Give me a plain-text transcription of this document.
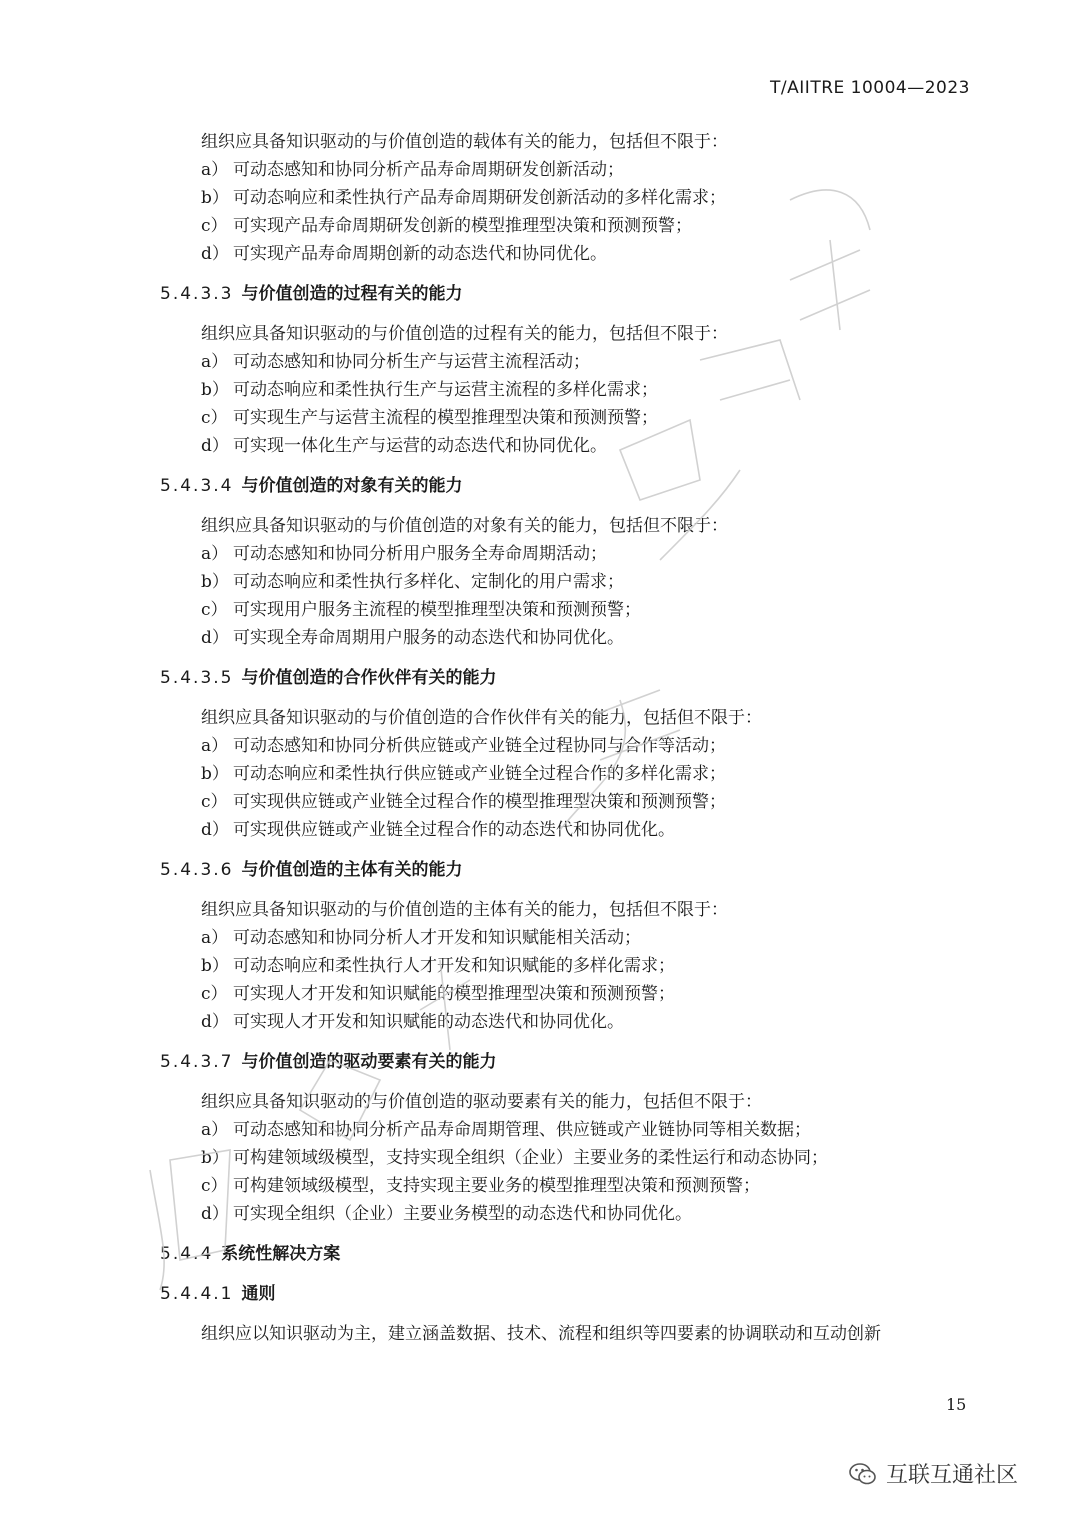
T/AIITRE 10004—2023
组织应具备知识驱动的与价值创造的载体有关的能力，包括但不限于：
a） 可动态感知和协同分析产品寿命周期研发创新活动；
b） 可动态响应和柔性执行产品寿命周期研发创新活动的多样化需求；
c） 可实现产品寿命周期研发创新的模型推理型决策和预测预警；
d） 可实现产品寿命周期创新的动态迭代和协同优化。
5.4.3.3 与价值创造的过程有关的能力
组织应具备知识驱动的与价值创造的过程有关的能力，包括但不限于：
a） 可动态感知和协同分析生产与运营主流程活动；
b） 可动态响应和柔性执行生产与运营主流程的多样化需求；
c） 可实现生产与运营主流程的模型推理型决策和预测预警；
d） 可实现一体化生产与运营的动态迭代和协同优化。
5.4.3.4 与价值创造的对象有关的能力
组织应具备知识驱动的与价值创造的对象有关的能力，包括但不限于：
a） 可动态感知和协同分析用户服务全寿命周期活动；
b） 可动态响应和柔性执行多样化、定制化的用户需求；
c） 可实现用户服务主流程的模型推理型决策和预测预警；
d） 可实现全寿命周期用户服务的动态迭代和协同优化。
5.4.3.5 与价值创造的合作伙伴有关的能力
组织应具备知识驱动的与价值创造的合作伙伴有关的能力，包括但不限于：
a） 可动态感知和协同分析供应链或产业链全过程协同与合作等活动；
b） 可动态响应和柔性执行供应链或产业链全过程合作的多样化需求；
c） 可实现供应链或产业链全过程合作的模型推理型决策和预测预警；
d） 可实现供应链或产业链全过程合作的动态迭代和协同优化。
5.4.3.6 与价值创造的主体有关的能力
组织应具备知识驱动的与价值创造的主体有关的能力，包括但不限于：
a） 可动态感知和协同分析人才开发和知识赋能相关活动；
b） 可动态响应和柔性执行人才开发和知识赋能的多样化需求；
c） 可实现人才开发和知识赋能的模型推理型决策和预测预警；
d） 可实现人才开发和知识赋能的动态迭代和协同优化。
5.4.3.7 与价值创造的驱动要素有关的能力
组织应具备知识驱动的与价值创造的驱动要素有关的能力，包括但不限于：
a） 可动态感知和协同分析产品寿命周期管理、供应链或产业链协同等相关数据；
b） 可构建领域级模型，支持实现全组织（企业）主要业务的柔性运行和动态协同；
c） 可构建领域级模型，支持实现主要业务的模型推理型决策和预测预警；
d） 可实现全组织（企业）主要业务模型的动态迭代和协同优化。
5.4.4 系统性解决方案
5.4.4.1 通则
组织应以知识驱动为主，建立涵盖数据、技术、流程和组织等四要素的协调联动和互动创新
15
互联互通社区
